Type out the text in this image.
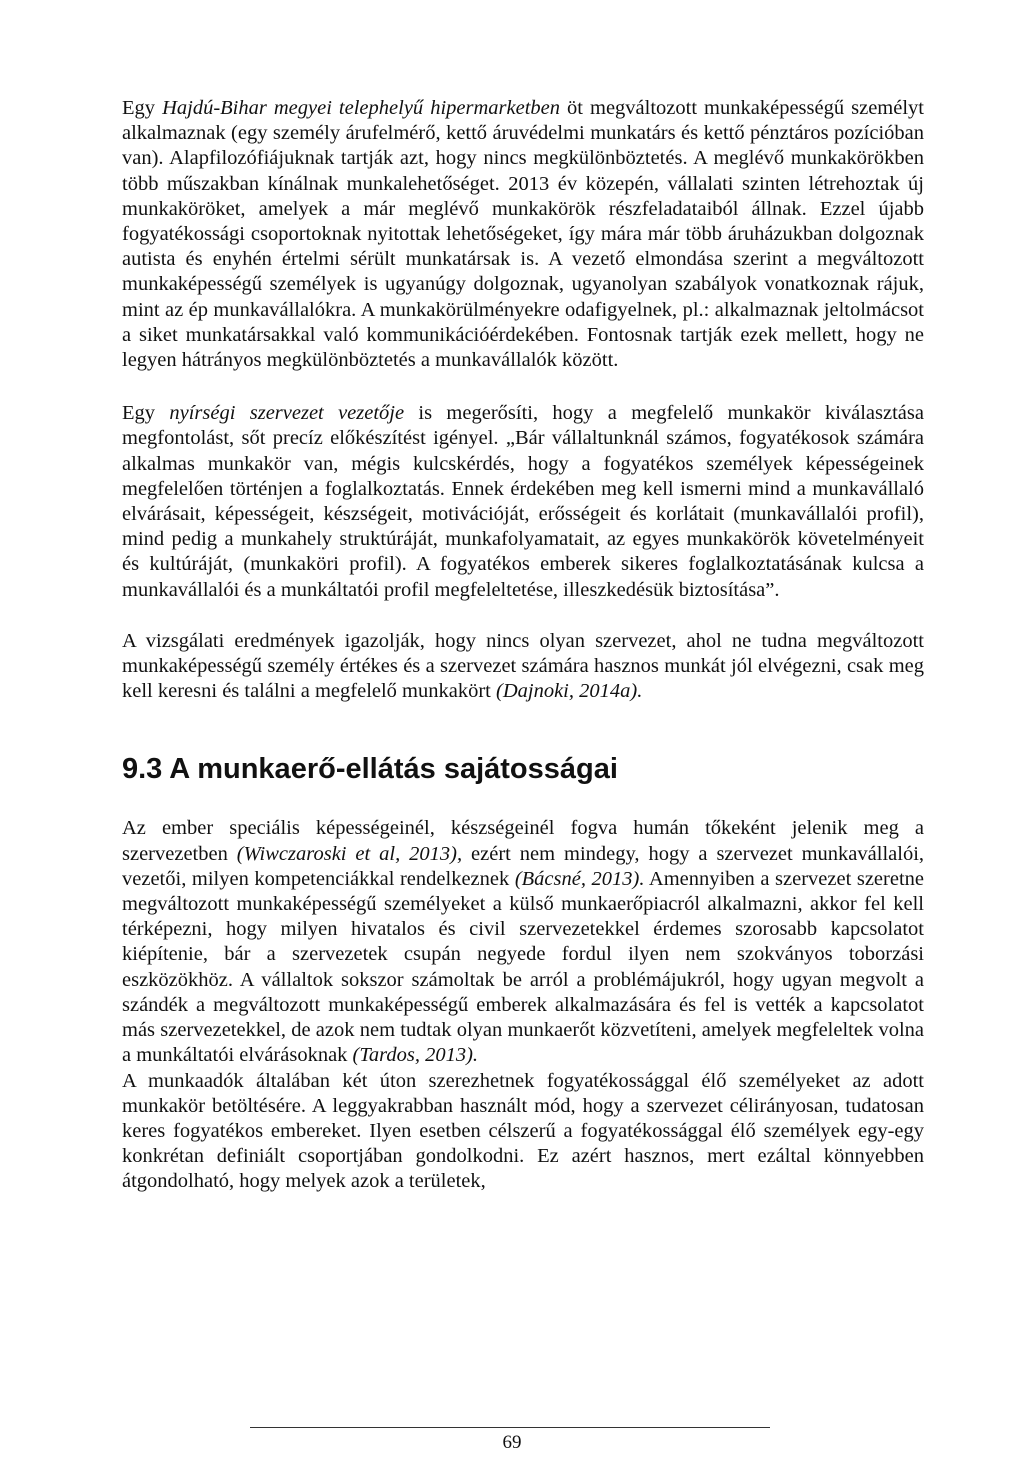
Egy Hajdú-Bihar megyei telephelyű hipermarketben öt megváltozott munkaképességű személyt alkalmaznak (egy személy árufelmérő, kettő áruvédelmi munkatárs és kettő pénztáros pozícióban van). Alapfilozófiájuknak tartják azt, hogy nincs megkülönböztetés. A meglévő munkakörökben több műszakban kínálnak munkalehetőséget. 2013 év közepén, vállalati szinten létrehoztak új munkaköröket, amelyek a már meglévő munkakörök részfeladataiból állnak. Ezzel újabb fogyatékossági csoportoknak nyitottak lehetőségeket, így mára már több áruházukban dolgoznak autista és enyhén értelmi sérült munkatársak is. A vezető elmondása szerint a megváltozott munkaképességű személyek is ugyanúgy dolgoznak, ugyanolyan szabályok vonatkoznak rájuk, mint az ép munkavállalókra. A munkakörülményekre odafigyelnek, pl.: alkalmaznak jeltolmácsot a siket munkatársakkal való kommunikációérdekében. Fontosnak tartják ezek mellett, hogy ne legyen hátrányos megkülönböztetés a munkavállalók között.

Egy nyírségi szervezet vezetője is megerősíti, hogy a megfelelő munkakör kiválasztása megfontolást, sőt precíz előkészítést igényel. „Bár vállaltunknál számos, fogyatékosok számára alkalmas munkakör van, mégis kulcskérdés, hogy a fogyatékos személyek képességeinek megfelelően történjen a foglalkoztatás. Ennek érdekében meg kell ismerni mind a munkavállaló elvárásait, képességeit, készségeit, motivációját, erősségeit és korlátait (munkavállalói profil), mind pedig a munkahely struktúráját, munkafolyamatait, az egyes munkakörök követelményeit és kultúráját, (munkaköri profil). A fogyatékos emberek sikeres foglalkoztatásának kulcsa a munkavállalói és a munkáltatói profil megfeleltetése, illeszkedésük biztosítása”.

A vizsgálati eredmények igazolják, hogy nincs olyan szervezet, ahol ne tudna megváltozott munkaképességű személy értékes és a szervezet számára hasznos munkát jól elvégezni, csak meg kell keresni és találni a megfelelő munkakört (Dajnoki, 2014a).

9.3 A munkaerő-ellátás sajátosságai

Az ember speciális képességeinél, készségeinél fogva humán tőkeként jelenik meg a szervezetben (Wiwczaroski et al, 2013), ezért nem mindegy, hogy a szervezet munkavállalói, vezetői, milyen kompetenciákkal rendelkeznek (Bácsné, 2013). Amennyiben a szervezet szeretne megváltozott munkaképességű személyeket a külső munkaerőpiacról alkalmazni, akkor fel kell térképezni, hogy milyen hivatalos és civil szervezetekkel érdemes szorosabb kapcsolatot kiépítenie, bár a szervezetek csupán negyede fordul ilyen nem szokványos toborzási eszközökhöz. A vállaltok sokszor számoltak be arról a problémájukról, hogy ugyan megvolt a szándék a megváltozott munkaképességű emberek alkalmazására és fel is vették a kapcsolatot más szervezetekkel, de azok nem tudtak olyan munkaerőt közvetíteni, amelyek megfeleltek volna a munkáltatói elvárásoknak (Tardos, 2013).

A munkaadók általában két úton szerezhetnek fogyatékossággal élő személyeket az adott munkakör betöltésére. A leggyakrabban használt mód, hogy a szervezet célirányosan, tudatosan keres fogyatékos embereket. Ilyen esetben célszerű a fogyatékossággal élő személyek egy-egy konkrétan definiált csoportjában gondolkodni. Ez azért hasznos, mert ezáltal könnyebben átgondolható, hogy melyek azok a területek,

69
